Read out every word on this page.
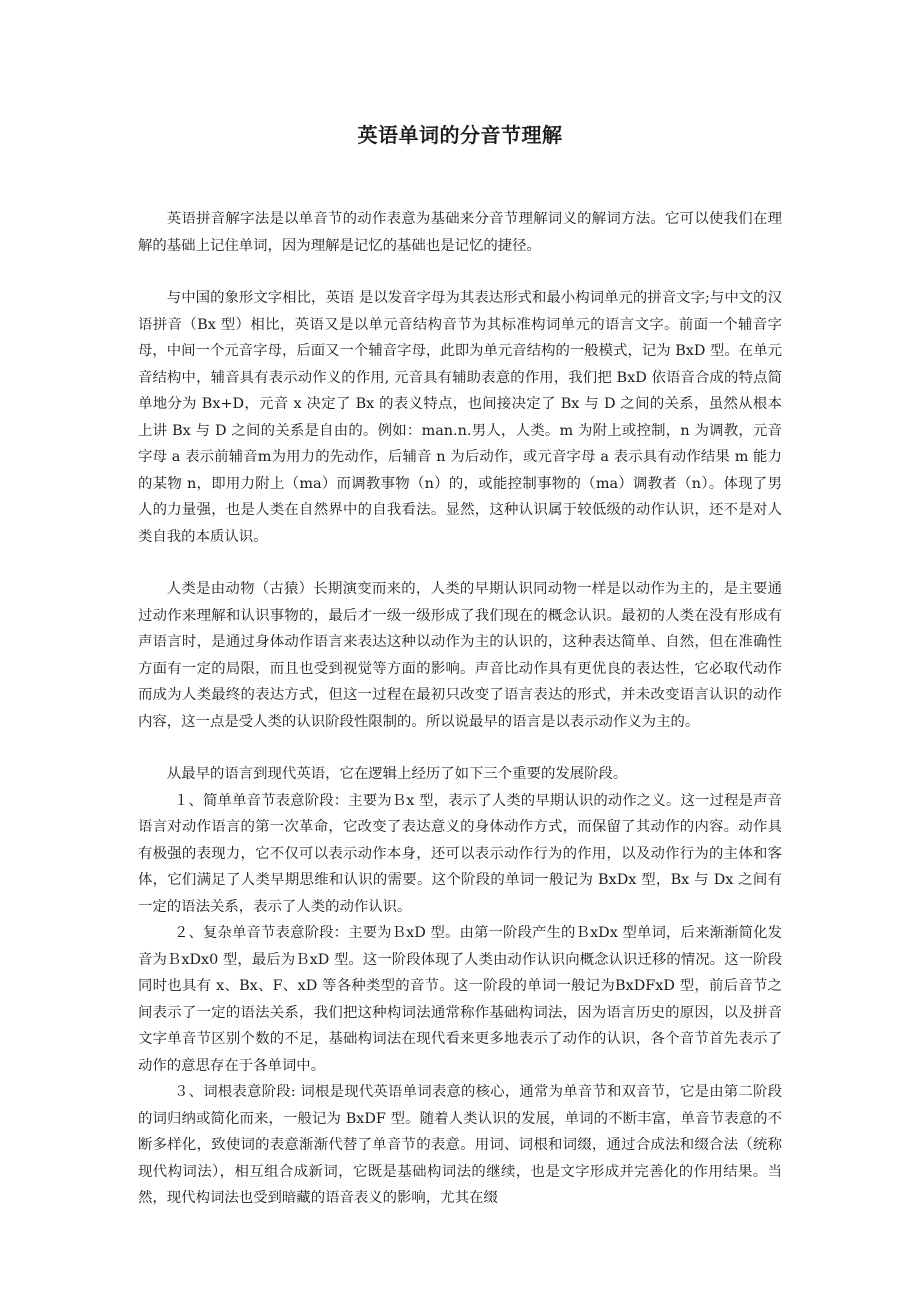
英语单词的分音节理解

英语拼音解字法是以单音节的动作表意为基础来分音节理解词义的解词方法。它可以使我们在理解的基础上记住单词，因为理解是记忆的基础也是记忆的捷径。

与中国的象形文字相比，英语 是以发音字母为其表达形式和最小构词单元的拼音文字;与中文的汉语拼音（Bx 型）相比，英语又是以单元音结构音节为其标准构词单元的语言文字。前面一个辅音字母，中间一个元音字母，后面又一个辅音字母，此即为单元音结构的一般模式，记为 BxD 型。在单元音结构中，辅音具有表示动作义的作用, 元音具有辅助表意的作用，我们把 BxD 依语音合成的特点简单地分为 Bx+D，元音 x 决定了 Bx 的表义特点，也间接决定了 Bx 与 D 之间的关系，虽然从根本上讲 Bx 与 D 之间的关系是自由的。例如：man.n.男人，人类。m 为附上或控制，n 为调教，元音字母 a 表示前辅音m为用力的先动作，后辅音 n 为后动作，或元音字母 a 表示具有动作结果 m 能力的某物 n，即用力附上（ma）而调教事物（n）的，或能控制事物的（ma）调教者（n）。体现了男人的力量强，也是人类在自然界中的自我看法。显然，这种认识属于较低级的动作认识，还不是对人类自我的本质认识。

人类是由动物（古猿）长期演变而来的，人类的早期认识同动物一样是以动作为主的，是主要通过动作来理解和认识事物的，最后才一级一级形成了我们现在的概念认识。最初的人类在没有形成有声语言时，是通过身体动作语言来表达这种以动作为主的认识的，这种表达简单、自然，但在准确性方面有一定的局限，而且也受到视觉等方面的影响。声音比动作具有更优良的表达性，它必取代动作而成为人类最终的表达方式，但这一过程在最初只改变了语言表达的形式，并未改变语言认识的动作内容，这一点是受人类的认识阶段性限制的。所以说最早的语言是以表示动作义为主的。

从最早的语言到现代英语，它在逻辑上经历了如下三个重要的发展阶段。

１、简单单音节表意阶段：主要为Ｂx 型，表示了人类的早期认识的动作之义。这一过程是声音语言对动作语言的第一次革命，它改变了表达意义的身体动作方式，而保留了其动作的内容。动作具有极强的表现力，它不仅可以表示动作本身，还可以表示动作行为的作用，以及动作行为的主体和客体，它们满足了人类早期思维和认识的需要。这个阶段的单词一般记为 BxDx 型，Bx 与 Dx 之间有一定的语法关系，表示了人类的动作认识。

２、复杂单音节表意阶段：主要为ＢxD 型。由第一阶段产生的ＢxDx 型单词，后来渐渐简化发音为ＢxDx0 型，最后为ＢxD 型。这一阶段体现了人类由动作认识向概念认识迁移的情况。这一阶段同时也具有 x、Bx、F、xD 等各种类型的音节。这一阶段的单词一般记为BxDFxD 型，前后音节之间表示了一定的语法关系，我们把这种构词法通常称作基础构词法，因为语言历史的原因，以及拼音文字单音节区别个数的不足，基础构词法在现代看来更多地表示了动作的认识，各个音节首先表示了动作的意思存在于各单词中。

３、词根表意阶段: 词根是现代英语单词表意的核心，通常为单音节和双音节，它是由第二阶段的词归纳或简化而来，一般记为 BxDF 型。随着人类认识的发展，单词的不断丰富，单音节表意的不断多样化，致使词的表意渐渐代替了单音节的表意。用词、词根和词缀，通过合成法和缀合法（统称现代构词法），相互组合成新词，它既是基础构词法的继续，也是文字形成并完善化的作用结果。当然，现代构词法也受到暗藏的语音表义的影响，尤其在缀
